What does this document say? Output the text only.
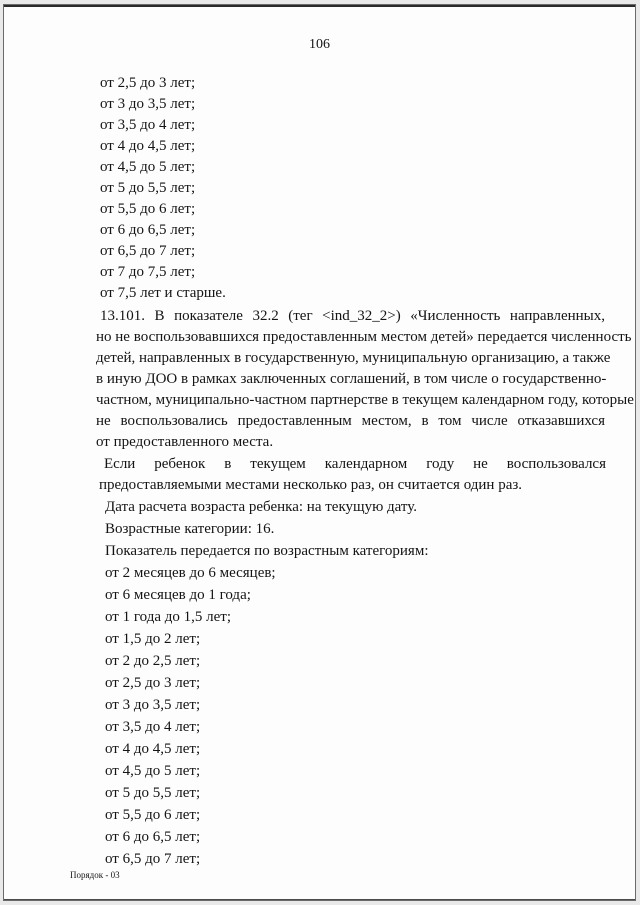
106
от 2,5 до 3 лет;
от 3 до 3,5 лет;
от 3,5 до 4 лет;
от 4 до 4,5 лет;
от 4,5 до 5 лет;
от 5 до 5,5 лет;
от 5,5 до 6 лет;
от 6 до 6,5 лет;
от 6,5 до 7 лет;
от 7 до 7,5 лет;
от 7,5 лет и старше.
13.101. В показателе 32.2 (тег <ind_32_2>) «Численность направленных,
но не воспользовавшихся предоставленным местом детей» передается численность
детей, направленных в государственную, муниципальную организацию, а также
в иную ДОО в рамках заключенных соглашений, в том числе о государственно-
частном, муниципально-частном партнерстве в текущем календарном году, которые
не воспользовались предоставленным местом, в том числе отказавшихся
от предоставленного места.
Если ребенок в текущем календарном году не воспользовался
предоставляемыми местами несколько раз, он считается один раз.
Дата расчета возраста ребенка: на текущую дату.
Возрастные категории: 16.
Показатель передается по возрастным категориям:
от 2 месяцев до 6 месяцев;
от 6 месяцев до 1 года;
от 1 года до 1,5 лет;
от 1,5 до 2 лет;
от 2 до 2,5 лет;
от 2,5 до 3 лет;
от 3 до 3,5 лет;
от 3,5 до 4 лет;
от 4 до 4,5 лет;
от 4,5 до 5 лет;
от 5 до 5,5 лет;
от 5,5 до 6 лет;
от 6 до 6,5 лет;
от 6,5 до 7 лет;
Порядок - 03
